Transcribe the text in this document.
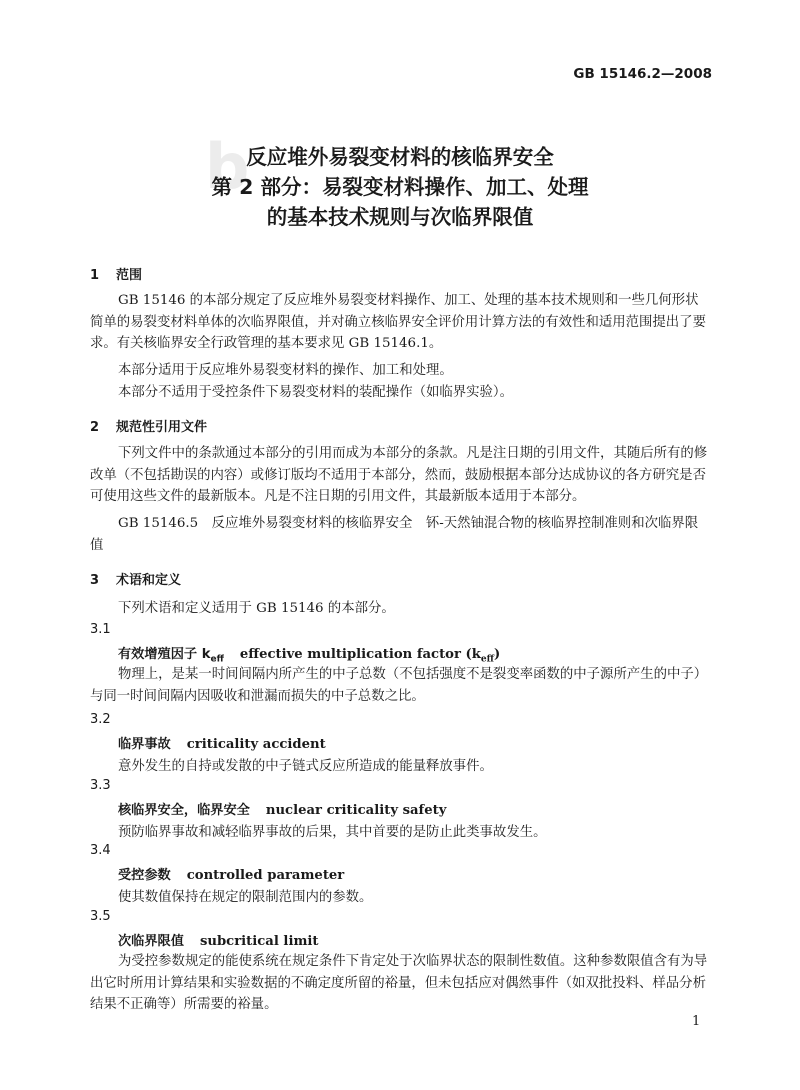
GB 15146.2—2008
b
反应堆外易裂变材料的核临界安全
第 2 部分：易裂变材料操作、加工、处理
的基本技术规则与次临界限值
1 范围
GB 15146 的本部分规定了反应堆外易裂变材料操作、加工、处理的基本技术规则和一些几何形状简单的易裂变材料单体的次临界限值，并对确立核临界安全评价用计算方法的有效性和适用范围提出了要求。有关核临界安全行政管理的基本要求见 GB 15146.1。
本部分适用于反应堆外易裂变材料的操作、加工和处理。
本部分不适用于受控条件下易裂变材料的装配操作（如临界实验）。
2 规范性引用文件
下列文件中的条款通过本部分的引用而成为本部分的条款。凡是注日期的引用文件，其随后所有的修改单（不包括勘误的内容）或修订版均不适用于本部分，然而，鼓励根据本部分达成协议的各方研究是否可使用这些文件的最新版本。凡是不注日期的引用文件，其最新版本适用于本部分。
GB 15146.5　反应堆外易裂变材料的核临界安全　钚-天然铀混合物的核临界控制准则和次临界限值
3 术语和定义
下列术语和定义适用于 GB 15146 的本部分。
3.1
有效增殖因子 $k_{eff}$ effective multiplication factor $(k_{eff})$
物理上，是某一时间间隔内所产生的中子总数（不包括强度不是裂变率函数的中子源所产生的中子）与同一时间间隔内因吸收和泄漏而损失的中子总数之比。
3.2
临界事故 criticality accident
意外发生的自持或发散的中子链式反应所造成的能量释放事件。
3.3
核临界安全，临界安全 nuclear criticality safety
预防临界事故和减轻临界事故的后果，其中首要的是防止此类事故发生。
3.4
受控参数 controlled parameter
使其数值保持在规定的限制范围内的参数。
3.5
次临界限值 subcritical limit
为受控参数规定的能使系统在规定条件下肯定处于次临界状态的限制性数值。这种参数限值含有为导出它时所用计算结果和实验数据的不确定度所留的裕量，但未包括应对偶然事件（如双批投料、样品分析结果不正确等）所需要的裕量。
1
